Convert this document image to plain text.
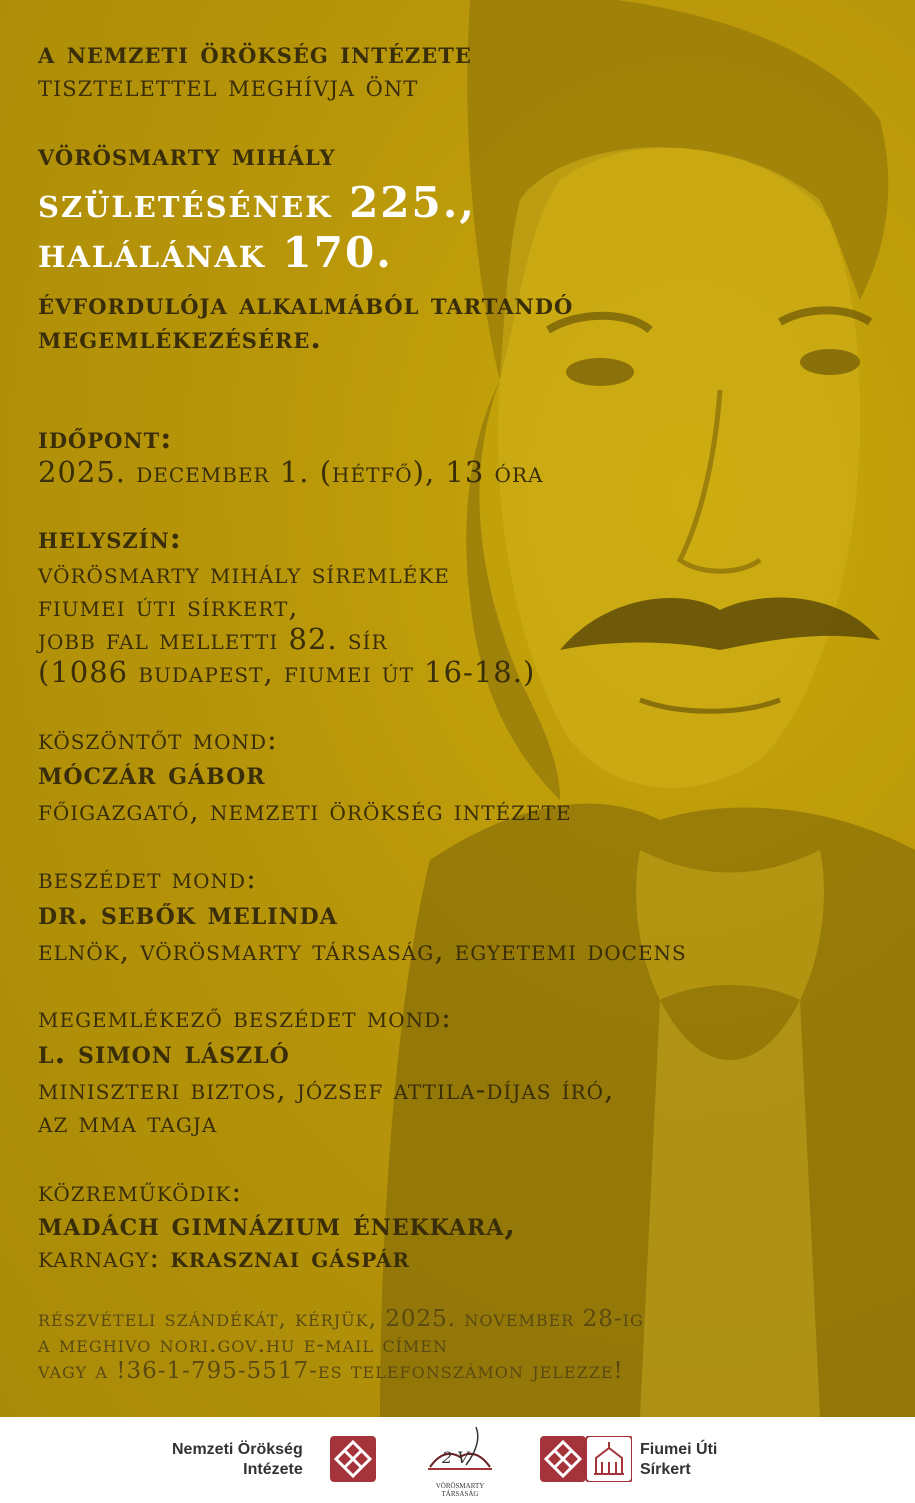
a nemzeti örökség intézete

tisztelettel meghívja önt

vörösmarty mihály

születésének 225.,

halálának 170.

évfordulója alkalmából tartandó

megemlékezésére.

időpont:

2025. december 1. (hétfő), 13 óra

helyszín:

vörösmarty mihály síremléke

fiumei úti sírkert,

jobb fal melletti 82. sír

(1086 budapest, fiumei út 16-18.)

köszöntőt mond:

móczár gábor

főigazgató, nemzeti örökség intézete

beszédet mond:

dr. sebők melinda

elnök, vörösmarty társaság, egyetemi docens

megemlékező beszédet mond:

l. simon lászló

miniszteri biztos, józsef attila-díjas író,

az mma tagja

közreműködik:

madách gimnázium énekkara,

karnagy: krasznai gáspár

részvételi szándékát, kérjük, 2025. november 28-ig

a meghivo nori.gov.hu e-mail címen

vagy a !36-1-795-5517-es telefonszámon jelezze!

Nemzeti Örökség
Intézete
2 V
VÖRÖSMARTY TÁRSASÁG
Fiumei Úti
Sírkert
